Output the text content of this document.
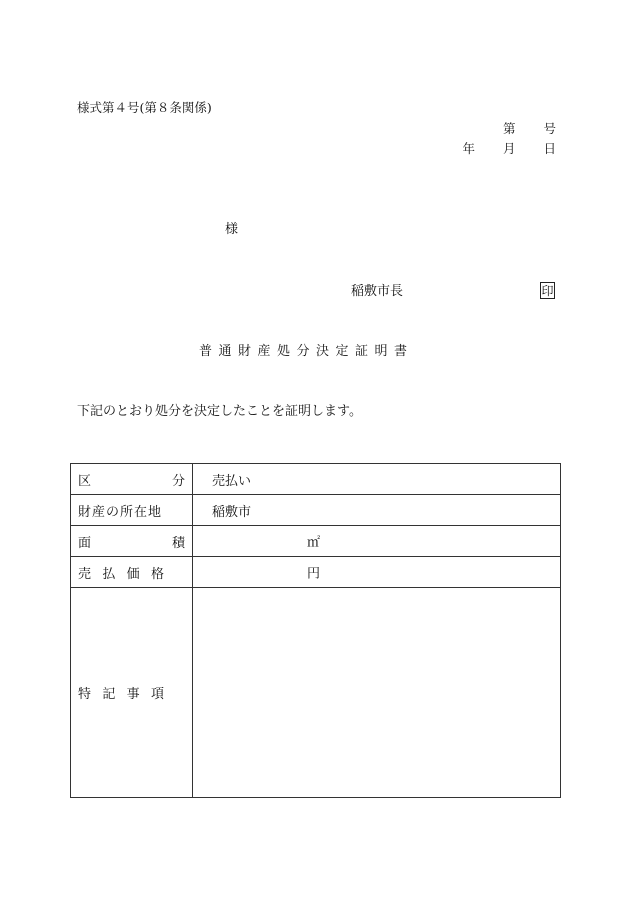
様式第４号(第８条関係)
第 号
年 月 日
様
稲敷市長	印
普通財産処分決定証明書
下記のとおり処分を決定したことを証明します。
区 分	売払い
財産の所在地	稲敷市

面 積	㎡

売 払 価 格	円

特 記 事 項	
